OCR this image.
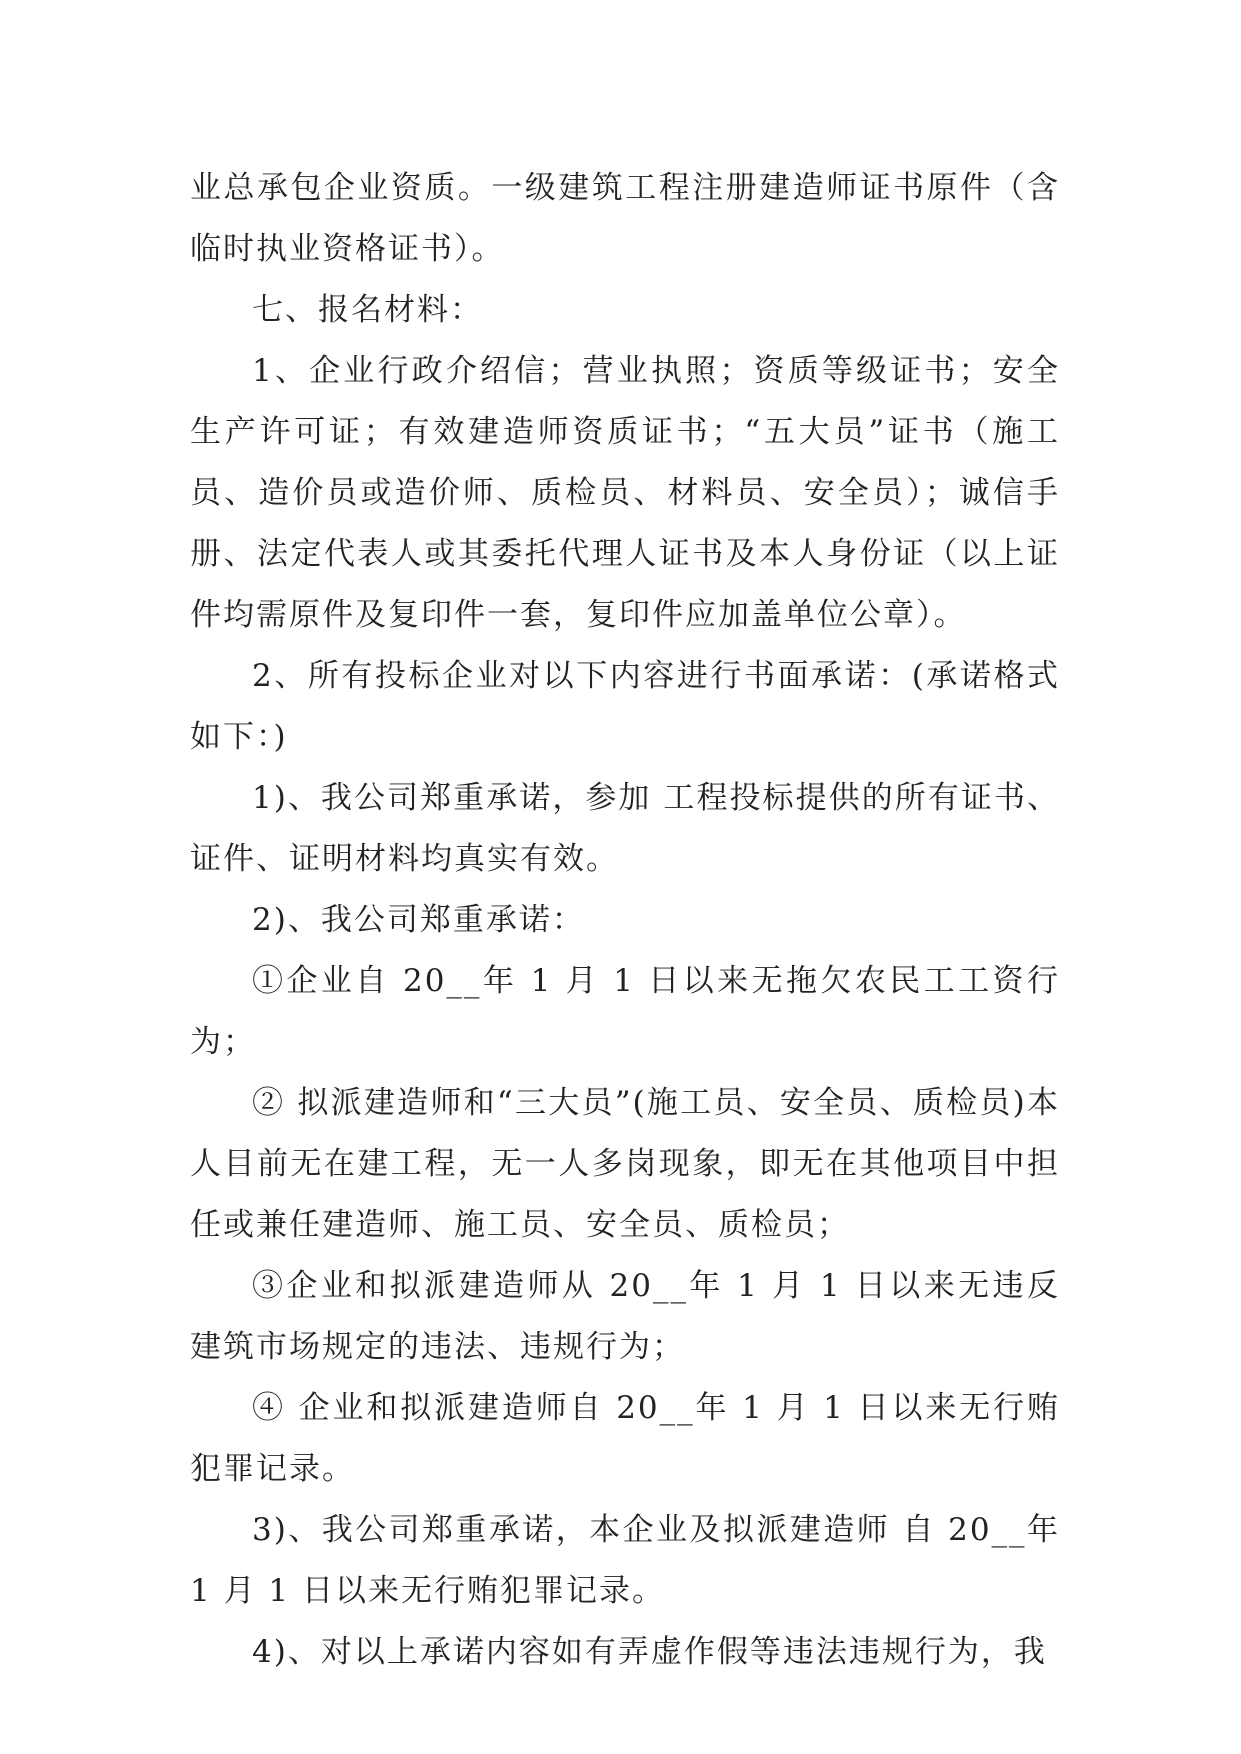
业总承包企业资质。一级建筑工程注册建造师证书原件（含临时执业资格证书）。

七、报名材料：

1、企业行政介绍信；营业执照；资质等级证书；安全生产许可证；有效建造师资质证书；“五大员”证书（施工员、造价员或造价师、质检员、材料员、安全员）；诚信手册、法定代表人或其委托代理人证书及本人身份证（以上证件均需原件及复印件一套，复印件应加盖单位公章）。

2、所有投标企业对以下内容进行书面承诺：(承诺格式如下：)

1)、我公司郑重承诺，参加 工程投标提供的所有证书、证件、证明材料均真实有效。

2)、我公司郑重承诺：

①企业自 20__年 1 月 1 日以来无拖欠农民工工资行为；

② 拟派建造师和“三大员”(施工员、安全员、质检员)本人目前无在建工程，无一人多岗现象，即无在其他项目中担任或兼任建造师、施工员、安全员、质检员；

③企业和拟派建造师从 20__年 1 月 1 日以来无违反建筑市场规定的违法、违规行为；

④ 企业和拟派建造师自 20__年 1 月 1 日以来无行贿犯罪记录。

3)、我公司郑重承诺，本企业及拟派建造师 自 20__年 1 月 1 日以来无行贿犯罪记录。

4)、对以上承诺内容如有弄虚作假等违法违规行为，我
